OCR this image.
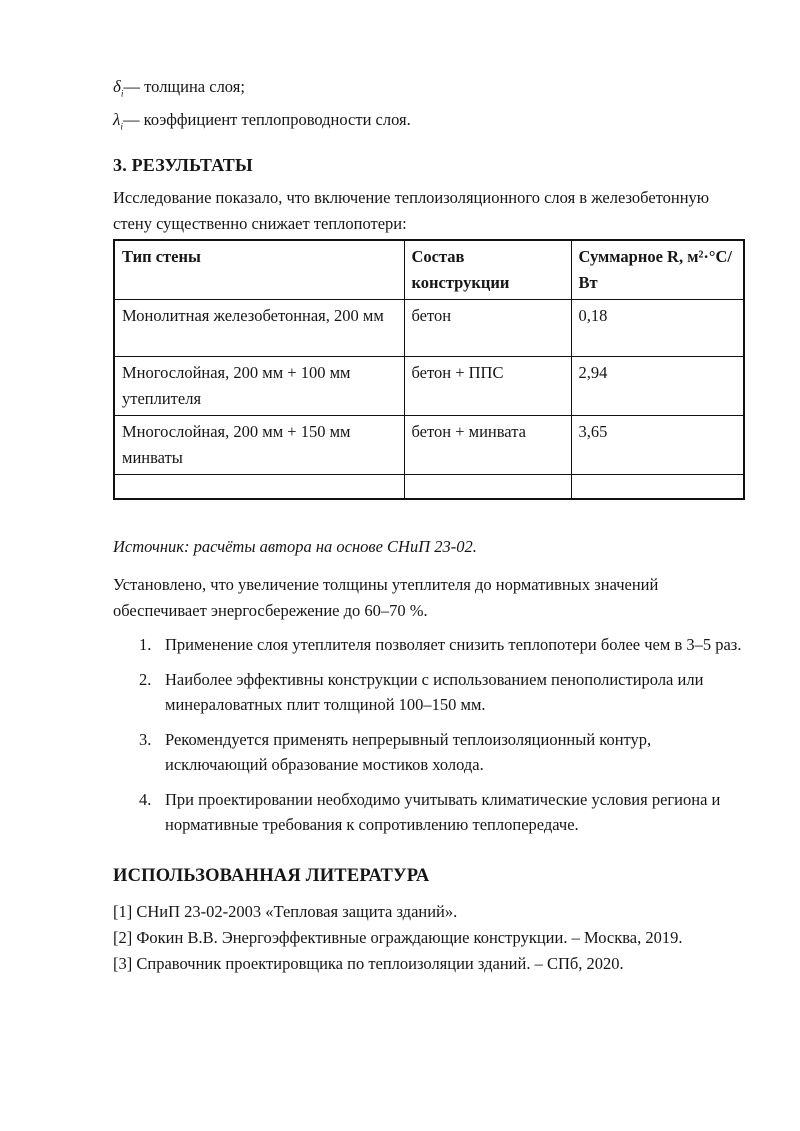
$\delta_i—$ толщина слоя;
$\lambda_i—$ коэффициент теплопроводности слоя.
3. РЕЗУЛЬТАТЫ

Исследование показало, что включение теплоизоляционного слоя в железобетонную стену существенно снижает теплопотери:

Тип стены	Состав конструкции	Суммарное R, м²·°С/Вт
Монолитная железобетонная, 200 мм	бетон	0,18
Многослойная, 200 мм + 100 мм утеплителя	бетон + ППС	2,94
Многослойная, 200 мм + 150 мм минваты	бетон + минвата	3,65

Источник: расчёты автора на основе СНиП 23-02.

Установлено, что увеличение толщины утеплителя до нормативных значений обеспечивает энергосбережение до 60–70 %.

1. Применение слоя утеплителя позволяет снизить теплопотери более чем в 3–5 раз.
2. Наиболее эффективны конструкции с использованием пенополистирола или минераловатных плит толщиной 100–150 мм.
3. Рекомендуется применять непрерывный теплоизоляционный контур, исключающий образование мостиков холода.
4. При проектировании необходимо учитывать климатические условия региона и нормативные требования к сопротивлению теплопередаче.
ИСПОЛЬЗОВАННАЯ ЛИТЕРАТУРА
[1] СНиП 23-02-2003 «Тепловая защита зданий».
[2] Фокин В.В. Энергоэффективные ограждающие конструкции. – Москва, 2019.
[3] Справочник проектировщика по теплоизоляции зданий. – СПб, 2020.
